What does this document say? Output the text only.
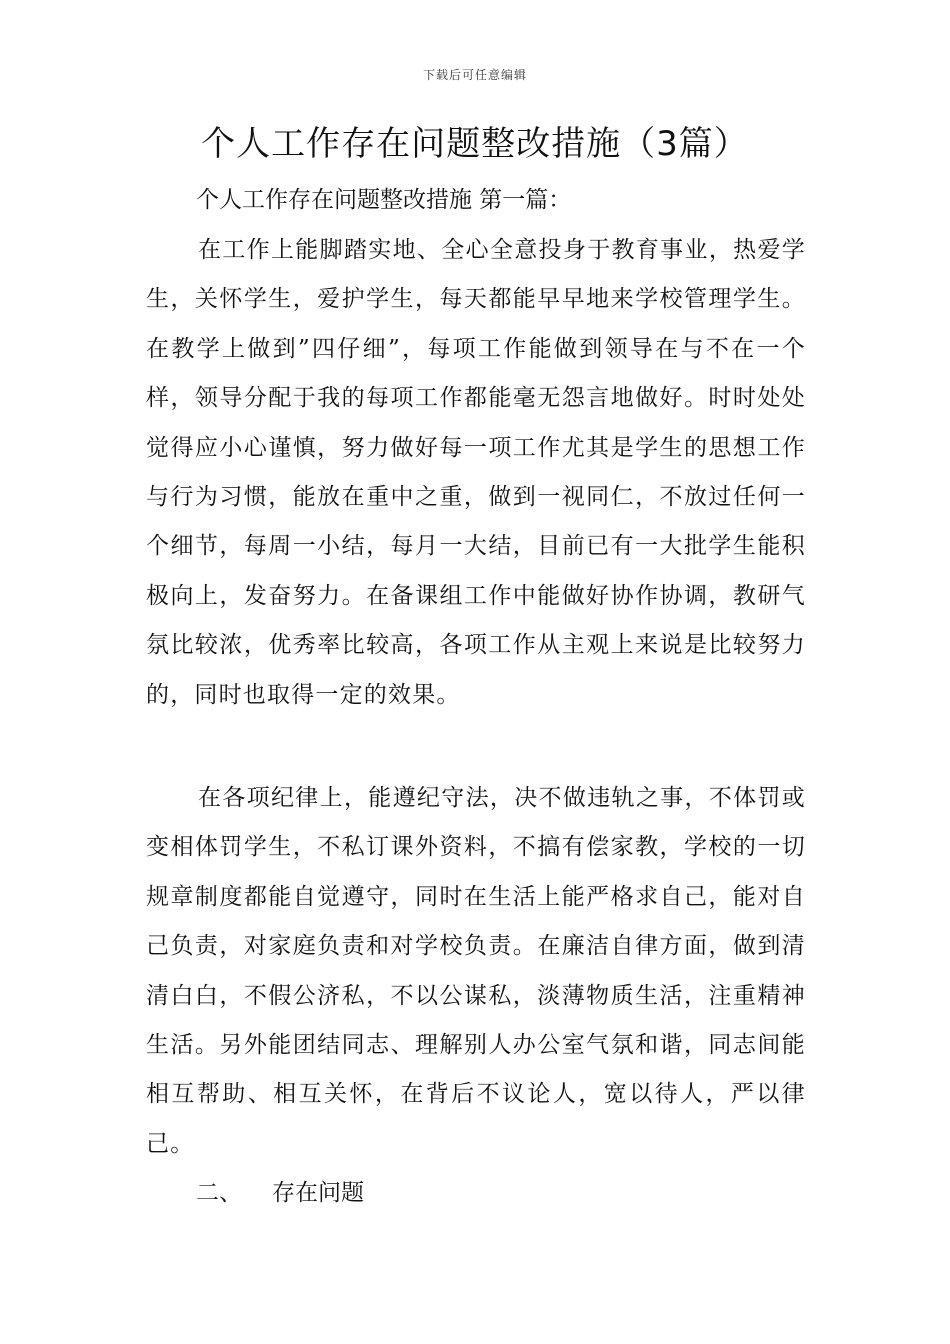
下载后可任意编辑
个人工作存在问题整改措施（3篇）
个人工作存在问题整改措施 第一篇：

在工作上能脚踏实地、全心全意投身于教育事业，热爱学生，关怀学生，爱护学生，每天都能早早地来学校管理学生。在教学上做到”四仔细”，每项工作能做到领导在与不在一个样，领导分配于我的每项工作都能毫无怨言地做好。时时处处觉得应小心谨慎，努力做好每一项工作尤其是学生的思想工作与行为习惯，能放在重中之重，做到一视同仁，不放过任何一个细节，每周一小结，每月一大结，目前已有一大批学生能积极向上，发奋努力。在备课组工作中能做好协作协调，教研气氛比较浓，优秀率比较高，各项工作从主观上来说是比较努力的，同时也取得一定的效果。

在各项纪律上，能遵纪守法，决不做违轨之事，不体罚或变相体罚学生，不私订课外资料，不搞有偿家教，学校的一切规章制度都能自觉遵守，同时在生活上能严格求自己，能对自己负责，对家庭负责和对学校负责。在廉洁自律方面，做到清清白白，不假公济私，不以公谋私，淡薄物质生活，注重精神生活。另外能团结同志、理解别人办公室气氛和谐，同志间能相互帮助、相互关怀，在背后不议论人，宽以待人，严以律己。

二、 存在问题
